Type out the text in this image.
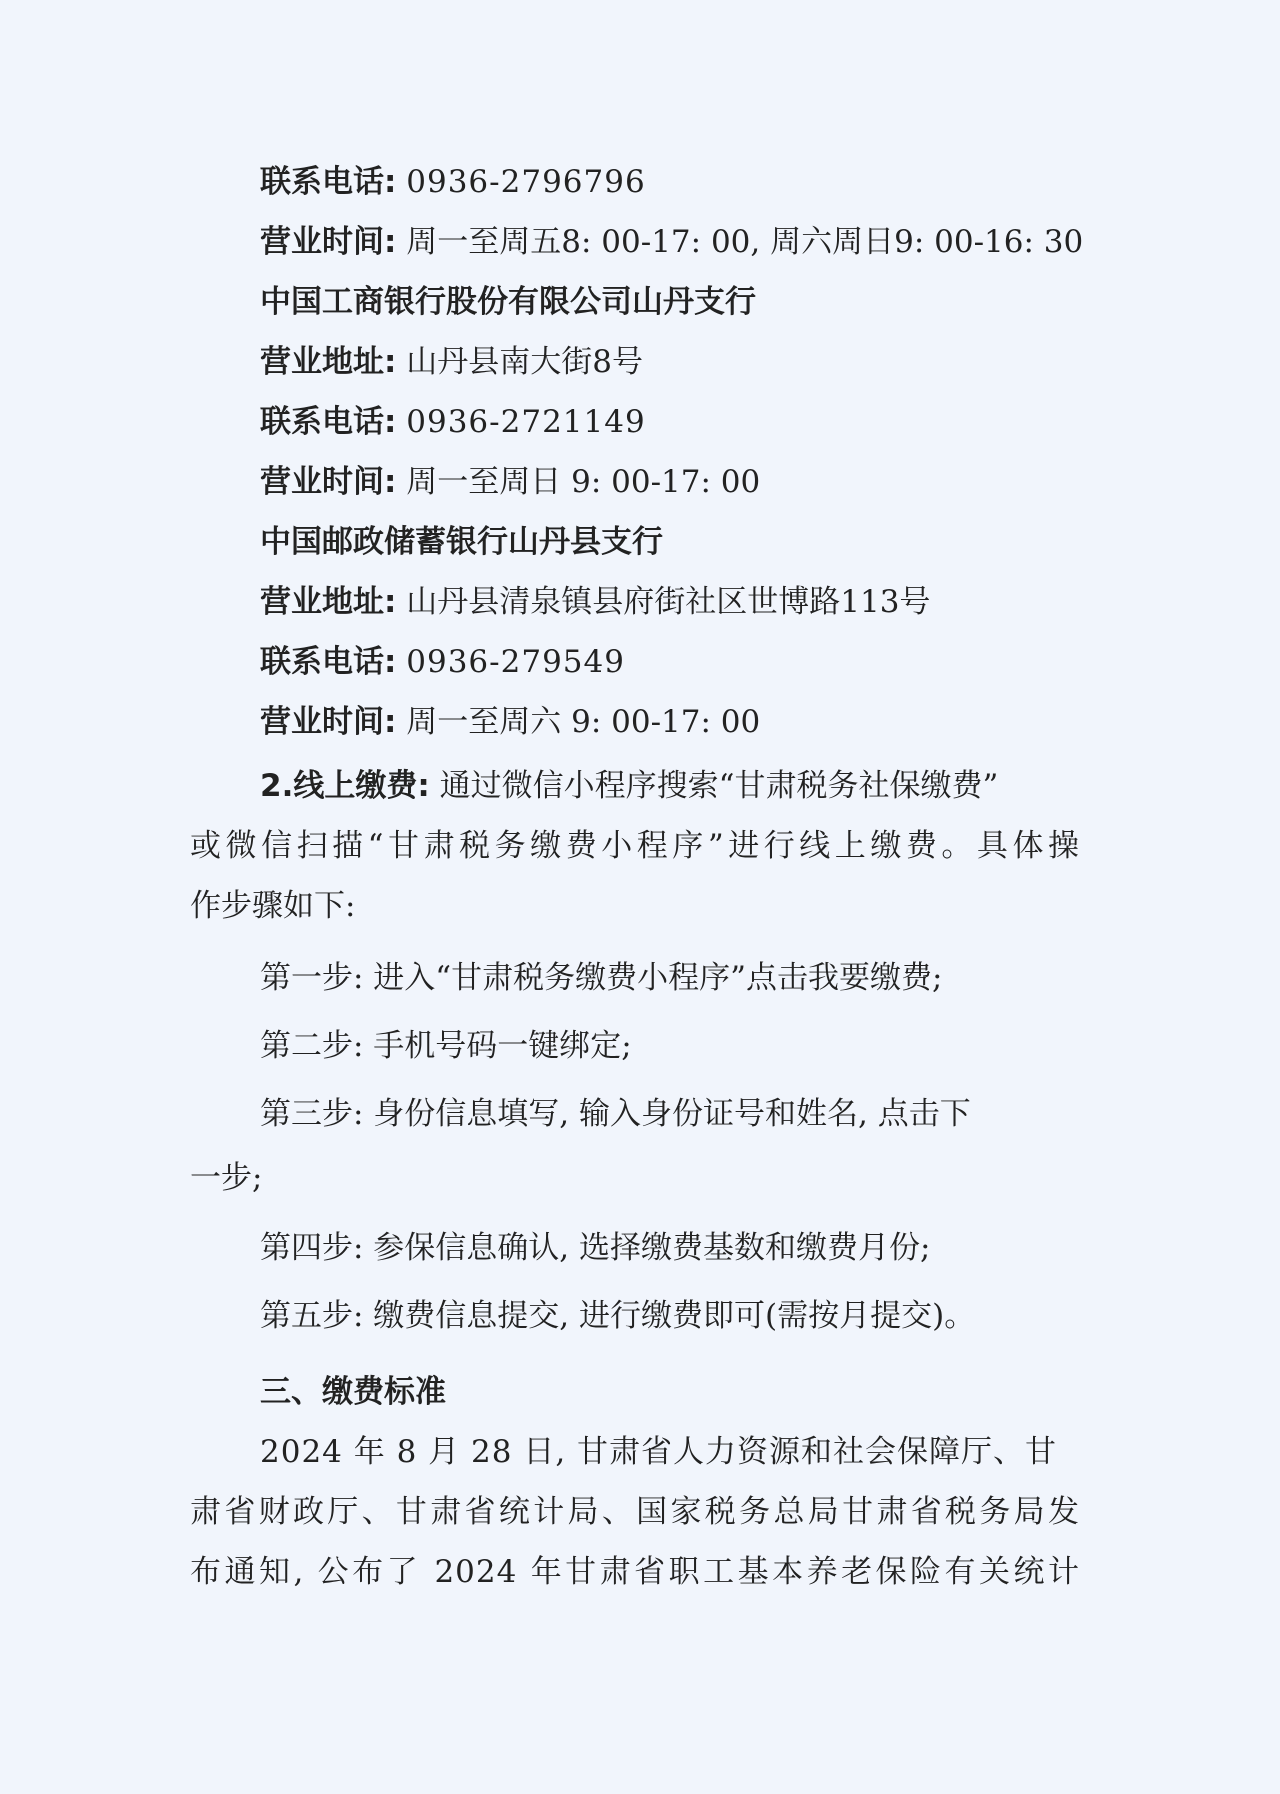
联系电话: 0936-2796796
营业时间: 周一至周五8: 00-17: 00, 周六周日9: 00-16: 30
中国工商银行股份有限公司山丹支行
营业地址: 山丹县南大街8号
联系电话: 0936-2721149
营业时间: 周一至周日 9: 00-17: 00
中国邮政储蓄银行山丹县支行
营业地址: 山丹县清泉镇县府街社区世博路113号
联系电话: 0936-279549
营业时间: 周一至周六 9: 00-17: 00
2.线上缴费: 通过微信小程序搜索“甘肃税务社保缴费”
或微信扫描“甘肃税务缴费小程序”进行线上缴费。具体操
作步骤如下:
第一步: 进入“甘肃税务缴费小程序”点击我要缴费;
第二步: 手机号码一键绑定;
第三步: 身份信息填写, 输入身份证号和姓名, 点击下
一步;
第四步: 参保信息确认, 选择缴费基数和缴费月份;
第五步: 缴费信息提交, 进行缴费即可(需按月提交)。
三、缴费标准
2024 年 8 月 28 日, 甘肃省人力资源和社会保障厅、甘
肃省财政厅、甘肃省统计局、国家税务总局甘肃省税务局发
布通知, 公布了 2024 年甘肃省职工基本养老保险有关统计
